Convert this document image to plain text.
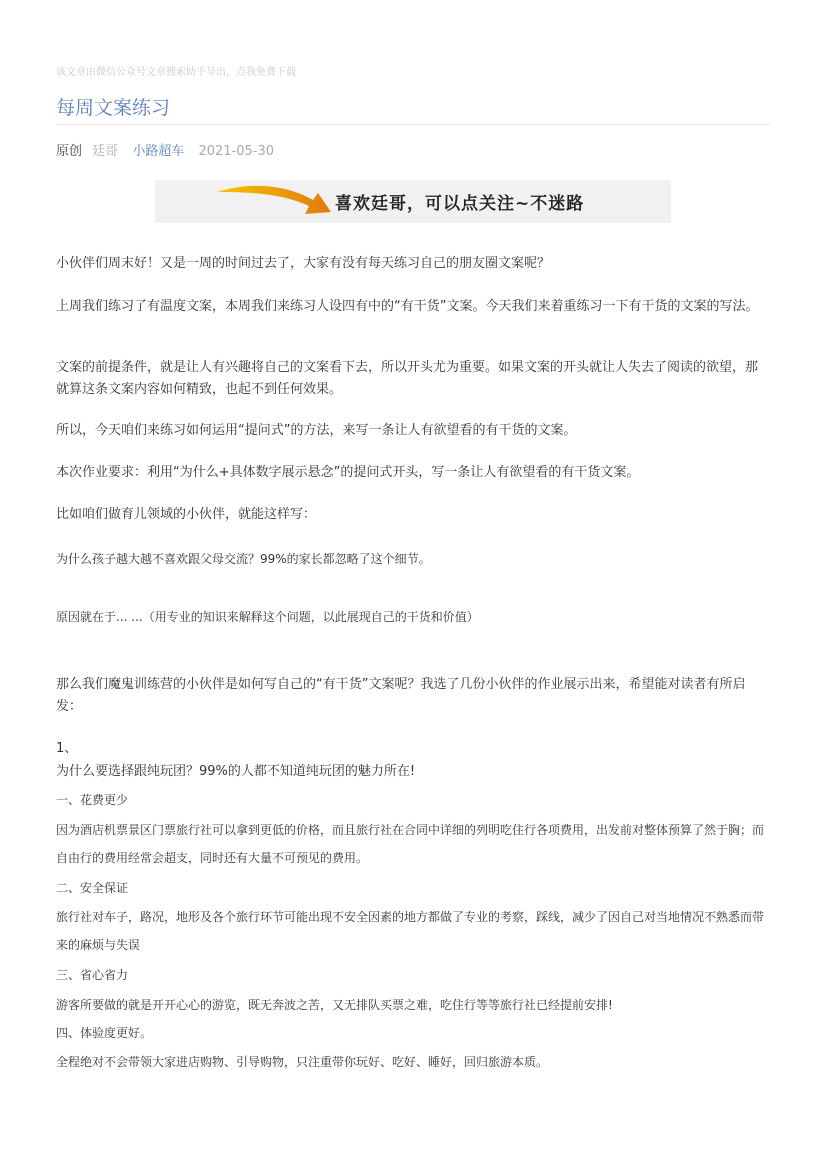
该文章由微信公众号文章搜索助手导出，点我免费下载
每周文案练习
原创 廷哥 小路超车 2021-05-30
喜欢廷哥，可以点关注~不迷路

小伙伴们周末好！又是一周的时间过去了，大家有没有每天练习自己的朋友圈文案呢？

上周我们练习了有温度文案，本周我们来练习人设四有中的“有干货”文案。今天我们来着重练习一下有干货的文案的写法。

文案的前提条件，就是让人有兴趣将自己的文案看下去，所以开头尤为重要。如果文案的开头就让人失去了阅读的欲望，那就算这条文案内容如何精致，也起不到任何效果。

所以，今天咱们来练习如何运用“提问式”的方法，来写一条让人有欲望看的有干货的文案。

本次作业要求：利用“为什么+具体数字展示悬念”的提问式开头，写一条让人有欲望看的有干货文案。

比如咱们做育儿领域的小伙伴，就能这样写：

为什么孩子越大越不喜欢跟父母交流？99%的家长都忽略了这个细节。

原因就在于... ...（用专业的知识来解释这个问题，以此展现自己的干货和价值）

那么我们魔鬼训练营的小伙伴是如何写自己的“有干货”文案呢？我选了几份小伙伴的作业展示出来，希望能对读者有所启发：

1、

为什么要选择跟纯玩团？99%的人都不知道纯玩团的魅力所在!

一、花费更少

因为酒店机票景区门票旅行社可以拿到更低的价格，而且旅行社在合同中详细的列明吃住行各项费用，出发前对整体预算了然于胸；而自由行的费用经常会超支，同时还有大量不可预见的费用。

二、安全保证

旅行社对车子，路况，地形及各个旅行环节可能出现不安全因素的地方都做了专业的考察，踩线，减少了因自己对当地情况不熟悉而带来的麻烦与失误

三、省心省力

游客所要做的就是开开心心的游览，既无奔波之苦，又无排队买票之难，吃住行等等旅行社已经提前安排!

四、体验度更好。

全程绝对不会带领大家进店购物、引导购物，只注重带你玩好、吃好、睡好，回归旅游本质。
